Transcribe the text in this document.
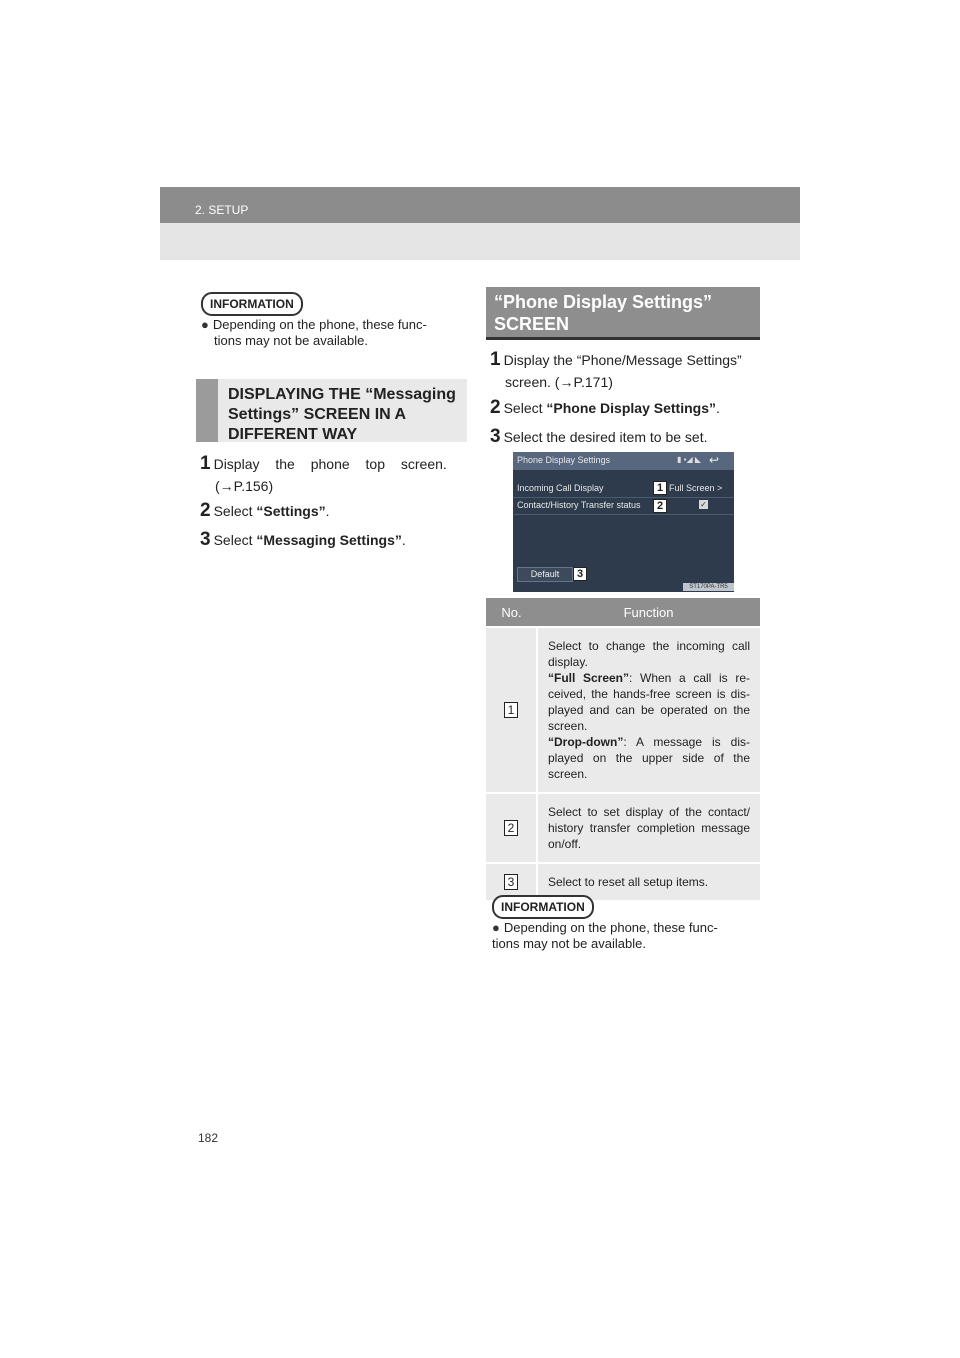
2. SETUP
INFORMATION
● Depending on the phone, these func-
tions may not be available.
DISPLAYING THE “Messaging
Settings” SCREEN IN A
DIFFERENT WAY
1 Display the phone top screen.
(→P.156)
2 Select “Settings”.
3 Select “Messaging Settings”.
“Phone Display Settings”
SCREEN
1 Display the “Phone/Message Settings”
screen. (→P.171)
2 Select “Phone Display Settings”.
3 Select the desired item to be set.
Phone Display Settings	▮ ▪◢ ◣ ↩
Incoming Call Display	Full Screen >
Contact/History Transfer status	✓
Default
1
2
3
ST170PA-TR5
No.	Function
1	Select to change the incoming call display.
“Full Screen”: When a call is re-ceived, the hands-free screen is dis-played and can be operated on the screen.
“Drop-down”: A message is dis-played on the upper side of the screen.
2	Select to set display of the contact/ history transfer completion message on/off.
3	Select to reset all setup items.
INFORMATION
● Depending on the phone, these func-
tions may not be available.
182
